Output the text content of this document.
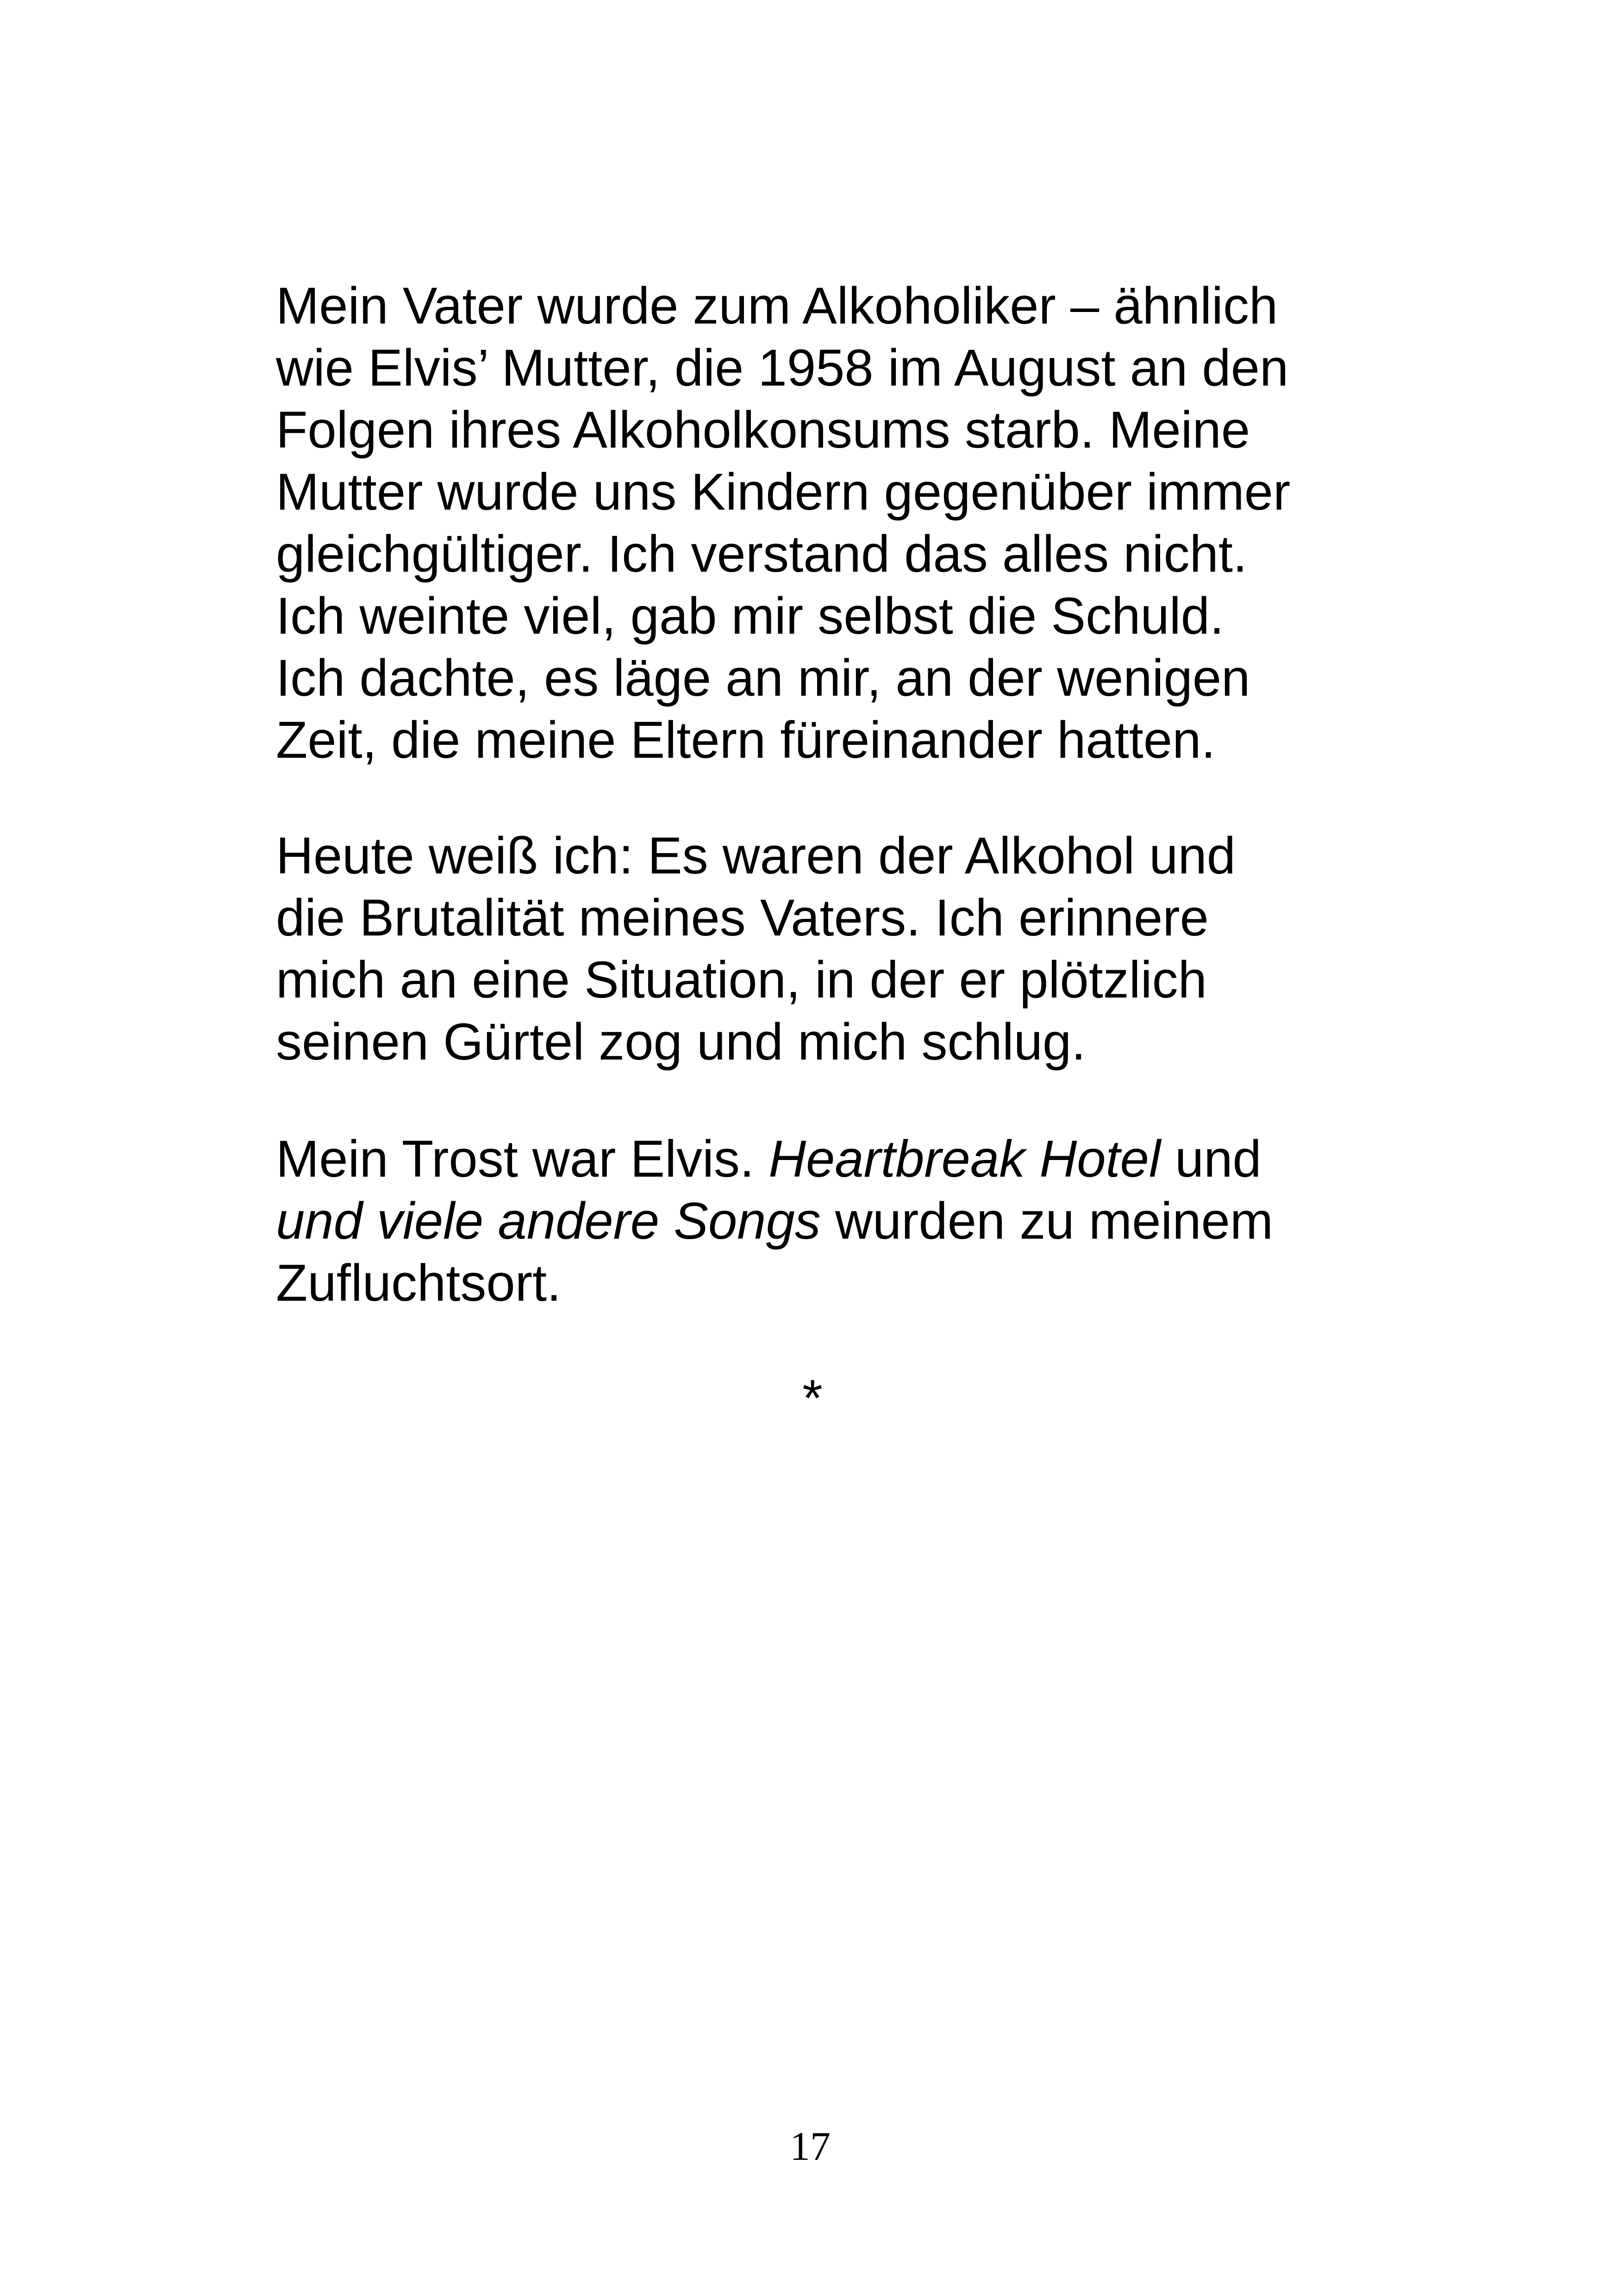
Mein Vater wurde zum Alkoholiker – ähnlich

wie Elvis’ Mutter, die 1958 im August an den

Folgen ihres Alkoholkonsums starb. Meine

Mutter wurde uns Kindern gegenüber immer

gleichgültiger. Ich verstand das alles nicht.

Ich weinte viel, gab mir selbst die Schuld.

Ich dachte, es läge an mir, an der wenigen

Zeit, die meine Eltern füreinander hatten.

Heute weiß ich: Es waren der Alkohol und

die Brutalität meines Vaters. Ich erinnere

mich an eine Situation, in der er plötzlich

seinen Gürtel zog und mich schlug.

Mein Trost war Elvis. Heartbreak Hotel und

und viele andere Songs wurden zu meinem

Zufluchtsort.

*
17
